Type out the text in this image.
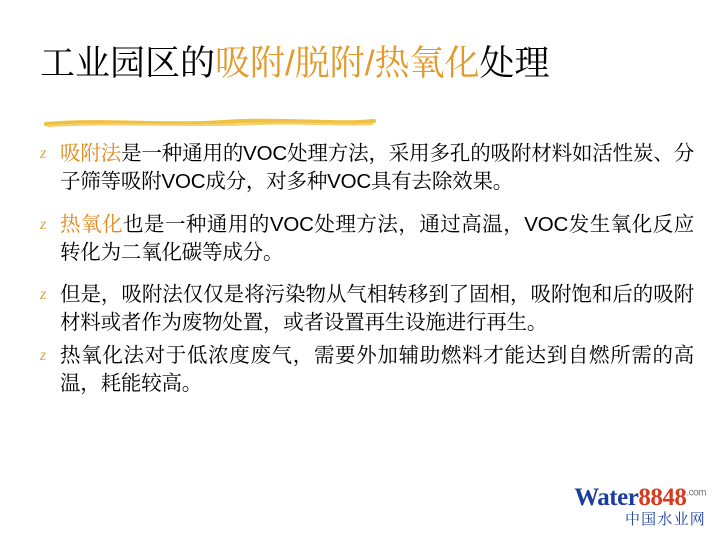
工业园区的吸附/脱附/热氧化处理
z 吸附法是一种通用的VOC处理方法，采用多孔的吸附材料如活性炭、分子筛等吸附VOC成分，对多种VOC具有去除效果。
z 热氧化也是一种通用的VOC处理方法，通过高温，VOC发生氧化反应转化为二氧化碳等成分。
z 但是，吸附法仅仅是将污染物从气相转移到了固相，吸附饱和后的吸附材料或者作为废物处置，或者设置再生设施进行再生。
z 热氧化法对于低浓度废气，需要外加辅助燃料才能达到自燃所需的高温，耗能较高。
$Water8848^{.com}$
中国水业网
